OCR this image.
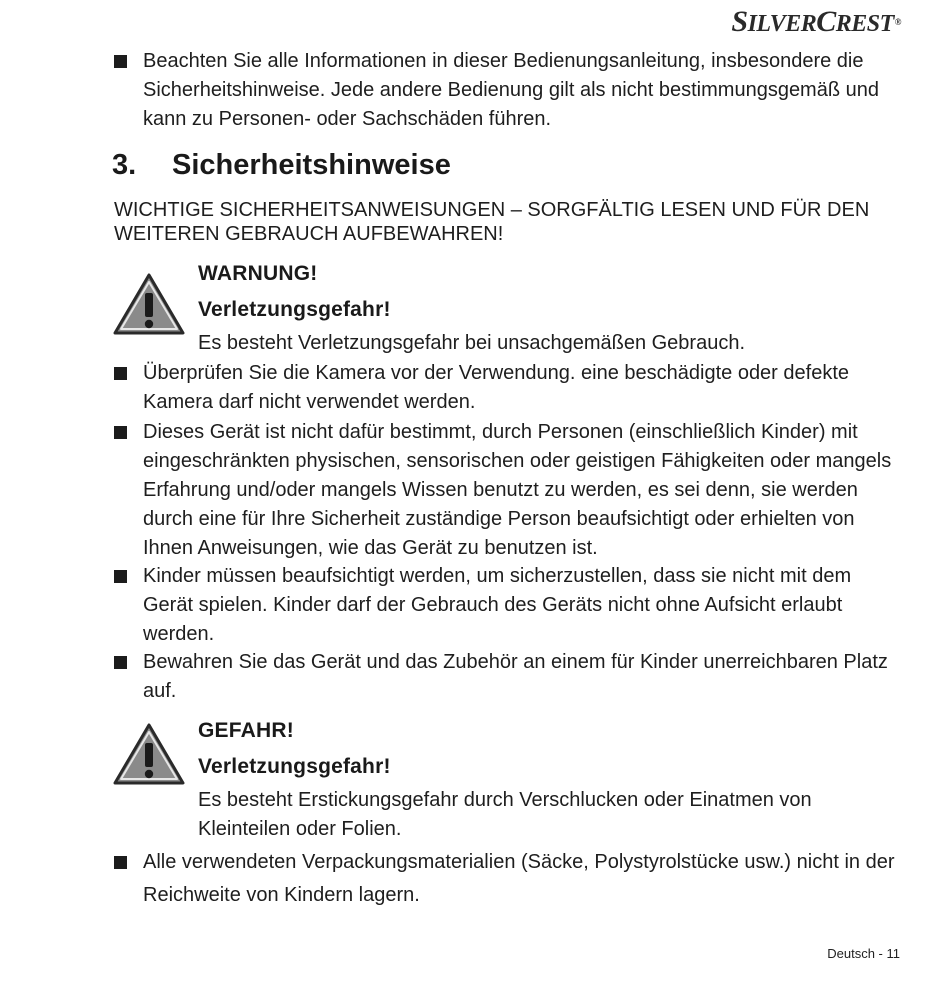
SILVERCREST®
Beachten Sie alle Informationen in dieser Bedienungsanleitung, insbesondere die Sicherheitshinweise. Jede andere Bedienung gilt als nicht bestimmungsgemäß und kann zu Personen- oder Sachschäden führen.
3. Sicherheitshinweise
WICHTIGE SICHERHEITSANWEISUNGEN – SORGFÄLTIG LESEN UND FÜR DEN WEITEREN GEBRAUCH AUFBEWAHREN!
WARNUNG!
Verletzungsgefahr!
Es besteht Verletzungsgefahr bei unsachgemäßen Gebrauch.
Überprüfen Sie die Kamera vor der Verwendung. eine beschädigte oder defekte Kamera darf nicht verwendet werden.
Dieses Gerät ist nicht dafür bestimmt, durch Personen (einschließlich Kinder) mit eingeschränkten physischen, sensorischen oder geistigen Fähigkeiten oder mangels Erfahrung und/oder mangels Wissen benutzt zu werden, es sei denn, sie werden durch eine für Ihre Sicherheit zuständige Person beaufsichtigt oder erhielten von Ihnen Anweisungen, wie das Gerät zu benutzen ist.
Kinder müssen beaufsichtigt werden, um sicherzustellen, dass sie nicht mit dem Gerät spielen. Kinder darf der Gebrauch des Geräts nicht ohne Aufsicht erlaubt werden.
Bewahren Sie das Gerät und das Zubehör an einem für Kinder unerreichbaren Platz auf.
GEFAHR!
Verletzungsgefahr!
Es besteht Erstickungsgefahr durch Verschlucken oder Einatmen von Kleinteilen oder Folien.
Alle verwendeten Verpackungsmaterialien (Säcke, Polystyrolstücke usw.) nicht in der Reichweite von Kindern lagern.
Deutsch - 11
